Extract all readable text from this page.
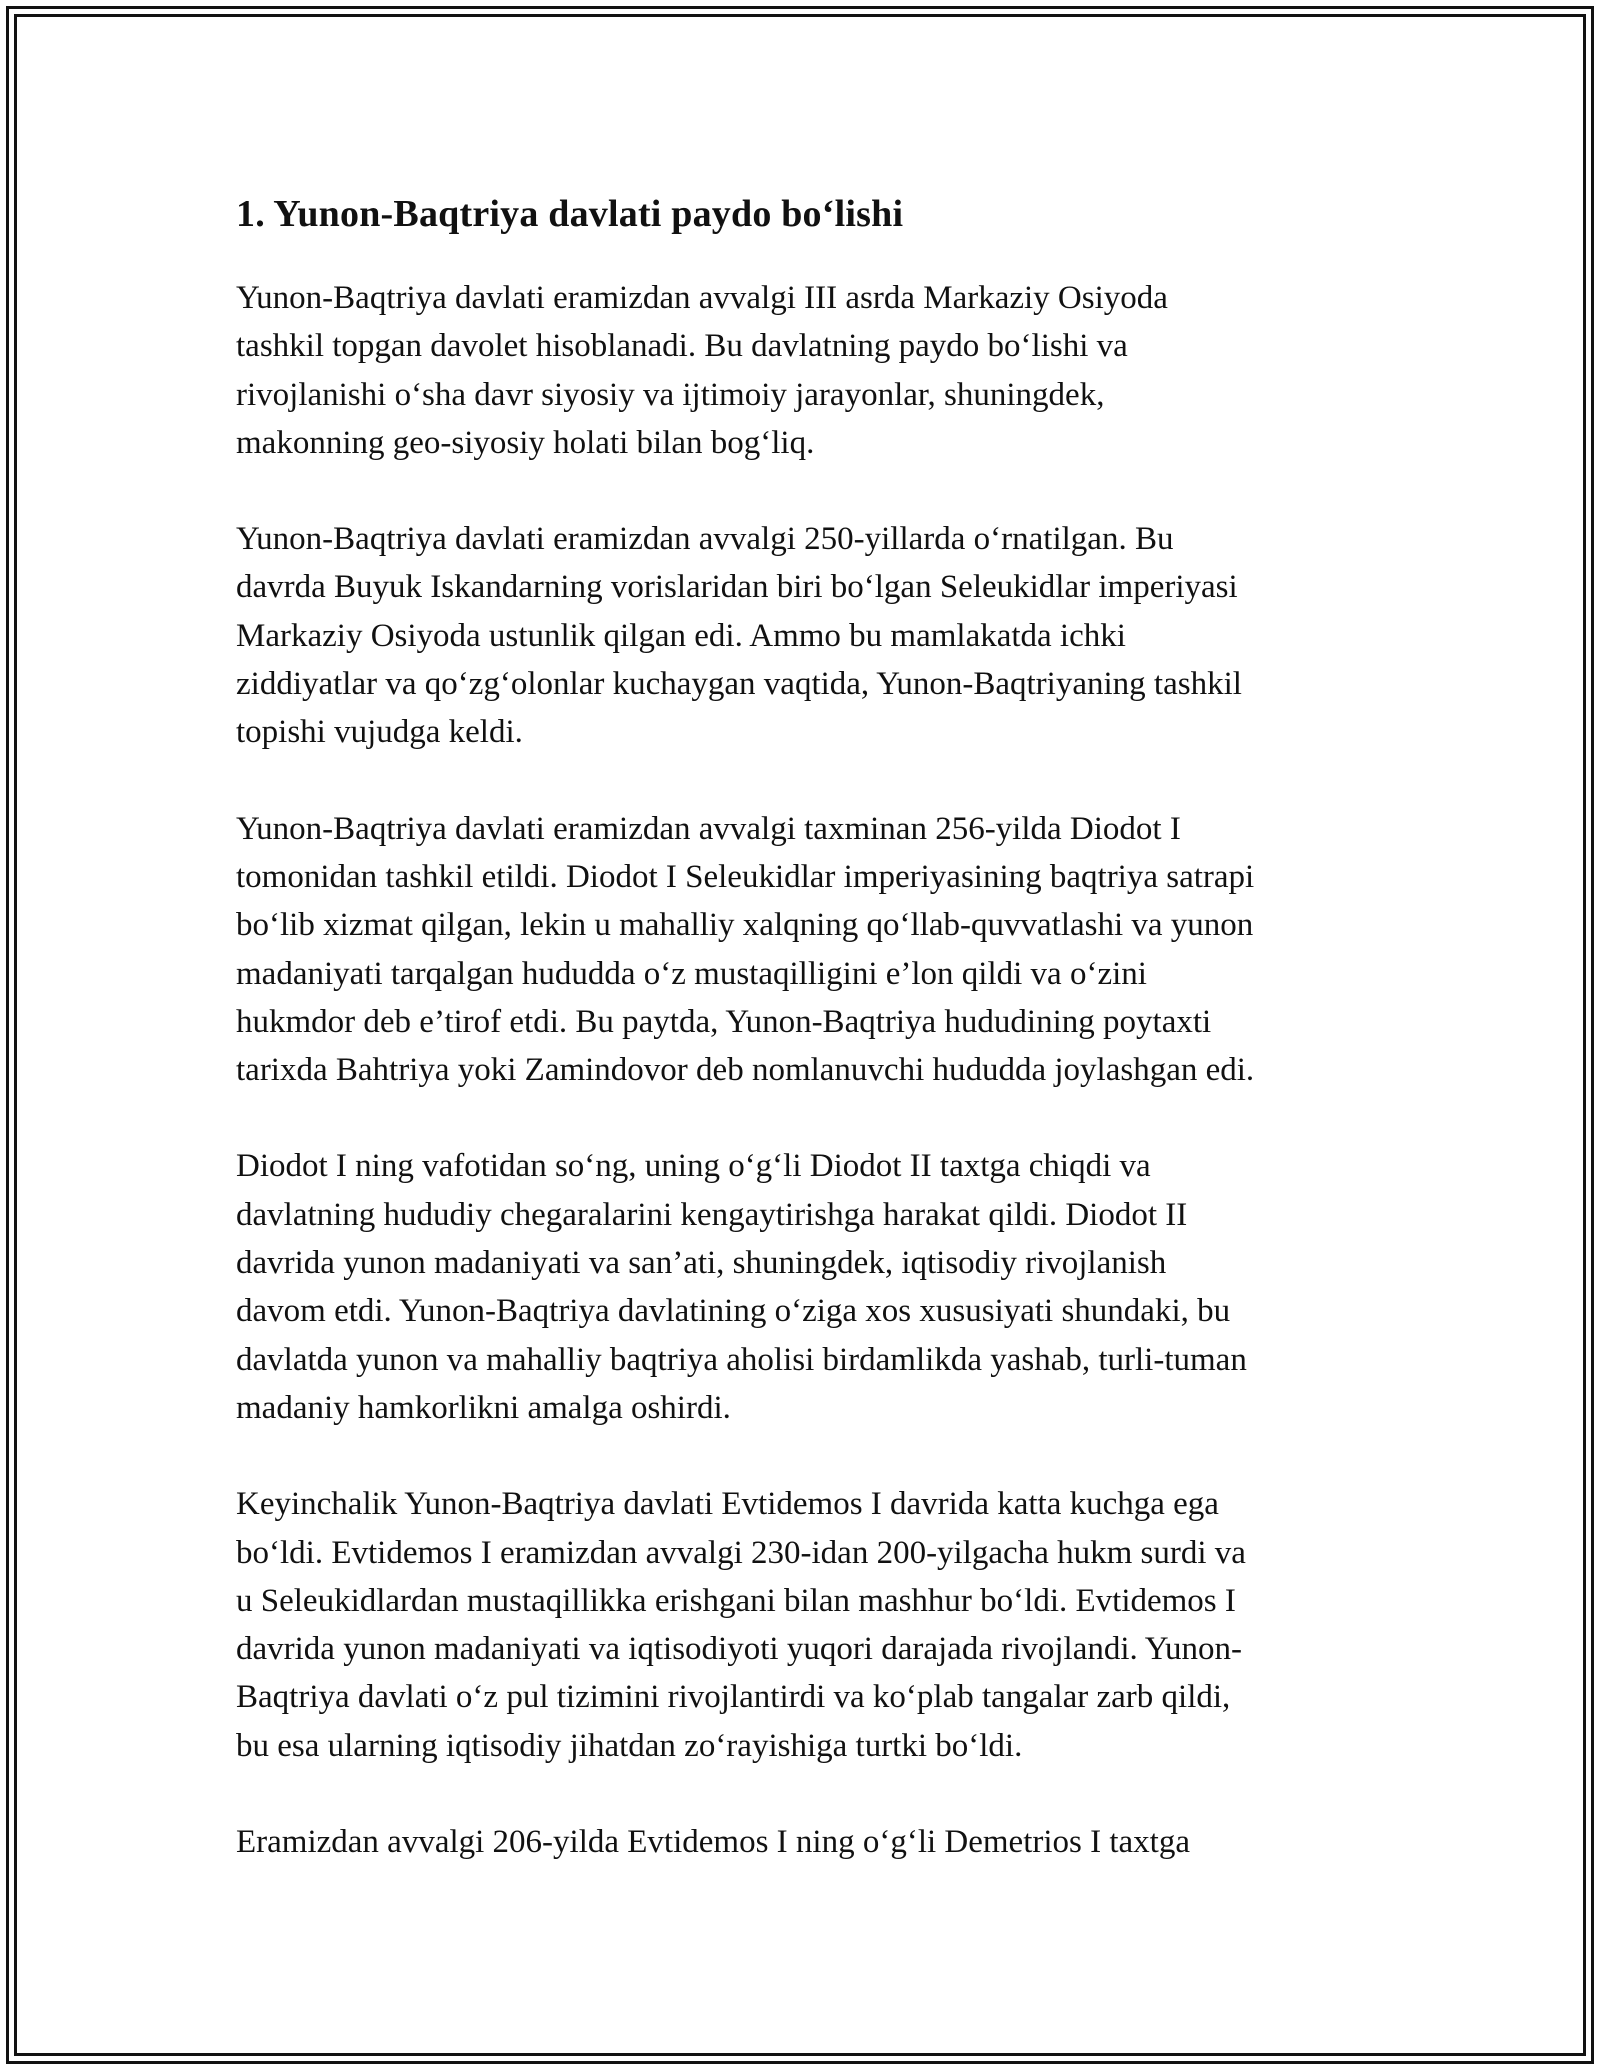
1. Yunon-Baqtriya davlati paydo boʻlishi
Yunon-Baqtriya davlati eramizdan avvalgi III asrda Markaziy Osiyoda
tashkil topgan davolet hisoblanadi. Bu davlatning paydo boʻlishi va
rivojlanishi oʻsha davr siyosiy va ijtimoiy jarayonlar, shuningdek,
makonning geo-siyosiy holati bilan bogʻliq.
Yunon-Baqtriya davlati eramizdan avvalgi 250-yillarda oʻrnatilgan. Bu
davrda Buyuk Iskandarning vorislaridan biri boʻlgan Seleukidlar imperiyasi
Markaziy Osiyoda ustunlik qilgan edi. Ammo bu mamlakatda ichki
ziddiyatlar va qoʻzgʻolonlar kuchaygan vaqtida, Yunon-Baqtriyaning tashkil
topishi vujudga keldi.
Yunon-Baqtriya davlati eramizdan avvalgi taxminan 256-yilda Diodot I
tomonidan tashkil etildi. Diodot I Seleukidlar imperiyasining baqtriya satrapi
boʻlib xizmat qilgan, lekin u mahalliy xalqning qoʻllab-quvvatlashi va yunon
madaniyati tarqalgan hududda oʻz mustaqilligini e’lon qildi va oʻzini
hukmdor deb e’tirof etdi. Bu paytda, Yunon-Baqtriya hududining poytaxti
tarixda Bahtriya yoki Zamindovor deb nomlanuvchi hududda joylashgan edi.
Diodot I ning vafotidan soʻng, uning oʻgʻli Diodot II taxtga chiqdi va
davlatning hududiy chegaralarini kengaytirishga harakat qildi. Diodot II
davrida yunon madaniyati va san’ati, shuningdek, iqtisodiy rivojlanish
davom etdi. Yunon-Baqtriya davlatining oʻziga xos xususiyati shundaki, bu
davlatda yunon va mahalliy baqtriya aholisi birdamlikda yashab, turli-tuman
madaniy hamkorlikni amalga oshirdi.
Keyinchalik Yunon-Baqtriya davlati Evtidemos I davrida katta kuchga ega
boʻldi. Evtidemos I eramizdan avvalgi 230-idan 200-yilgacha hukm surdi va
u Seleukidlardan mustaqillikka erishgani bilan mashhur boʻldi. Evtidemos I
davrida yunon madaniyati va iqtisodiyoti yuqori darajada rivojlandi. Yunon-
Baqtriya davlati oʻz pul tizimini rivojlantirdi va koʻplab tangalar zarb qildi,
bu esa ularning iqtisodiy jihatdan zoʻrayishiga turtki boʻldi.
Eramizdan avvalgi 206-yilda Evtidemos I ning oʻgʻli Demetrios I taxtga
